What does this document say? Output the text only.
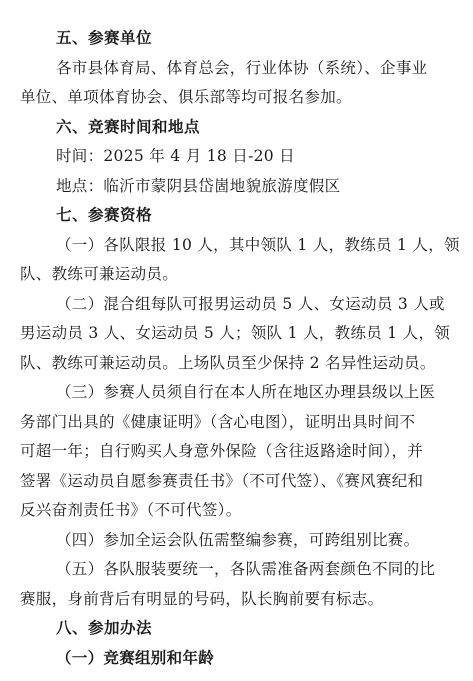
五、参赛单位
各市县体育局、体育总会，行业体协（系统）、企事业
单位、单项体育协会、俱乐部等均可报名参加。
六、竞赛时间和地点
时间：2025 年 4 月 18 日-20 日
地点：临沂市蒙阴县岱崮地貌旅游度假区
七、参赛资格
（一）各队限报 10 人，其中领队 1 人，教练员 1 人，领
队、教练可兼运动员。
（二）混合组每队可报男运动员 5 人、女运动员 3 人或
男运动员 3 人、女运动员 5 人；领队 1 人，教练员 1 人，领
队、教练可兼运动员。上场队员至少保持 2 名异性运动员。
（三）参赛人员须自行在本人所在地区办理县级以上医
务部门出具的《健康证明》（含心电图），证明出具时间不
可超一年；自行购买人身意外保险（含往返路途时间），并
签署《运动员自愿参赛责任书》（不可代签）、《赛风赛纪和
反兴奋剂责任书》（不可代签）。
（四）参加全运会队伍需整编参赛，可跨组别比赛。
（五）各队服装要统一，各队需准备两套颜色不同的比
赛服，身前背后有明显的号码，队长胸前要有标志。
八、参加办法
（一）竞赛组别和年龄
